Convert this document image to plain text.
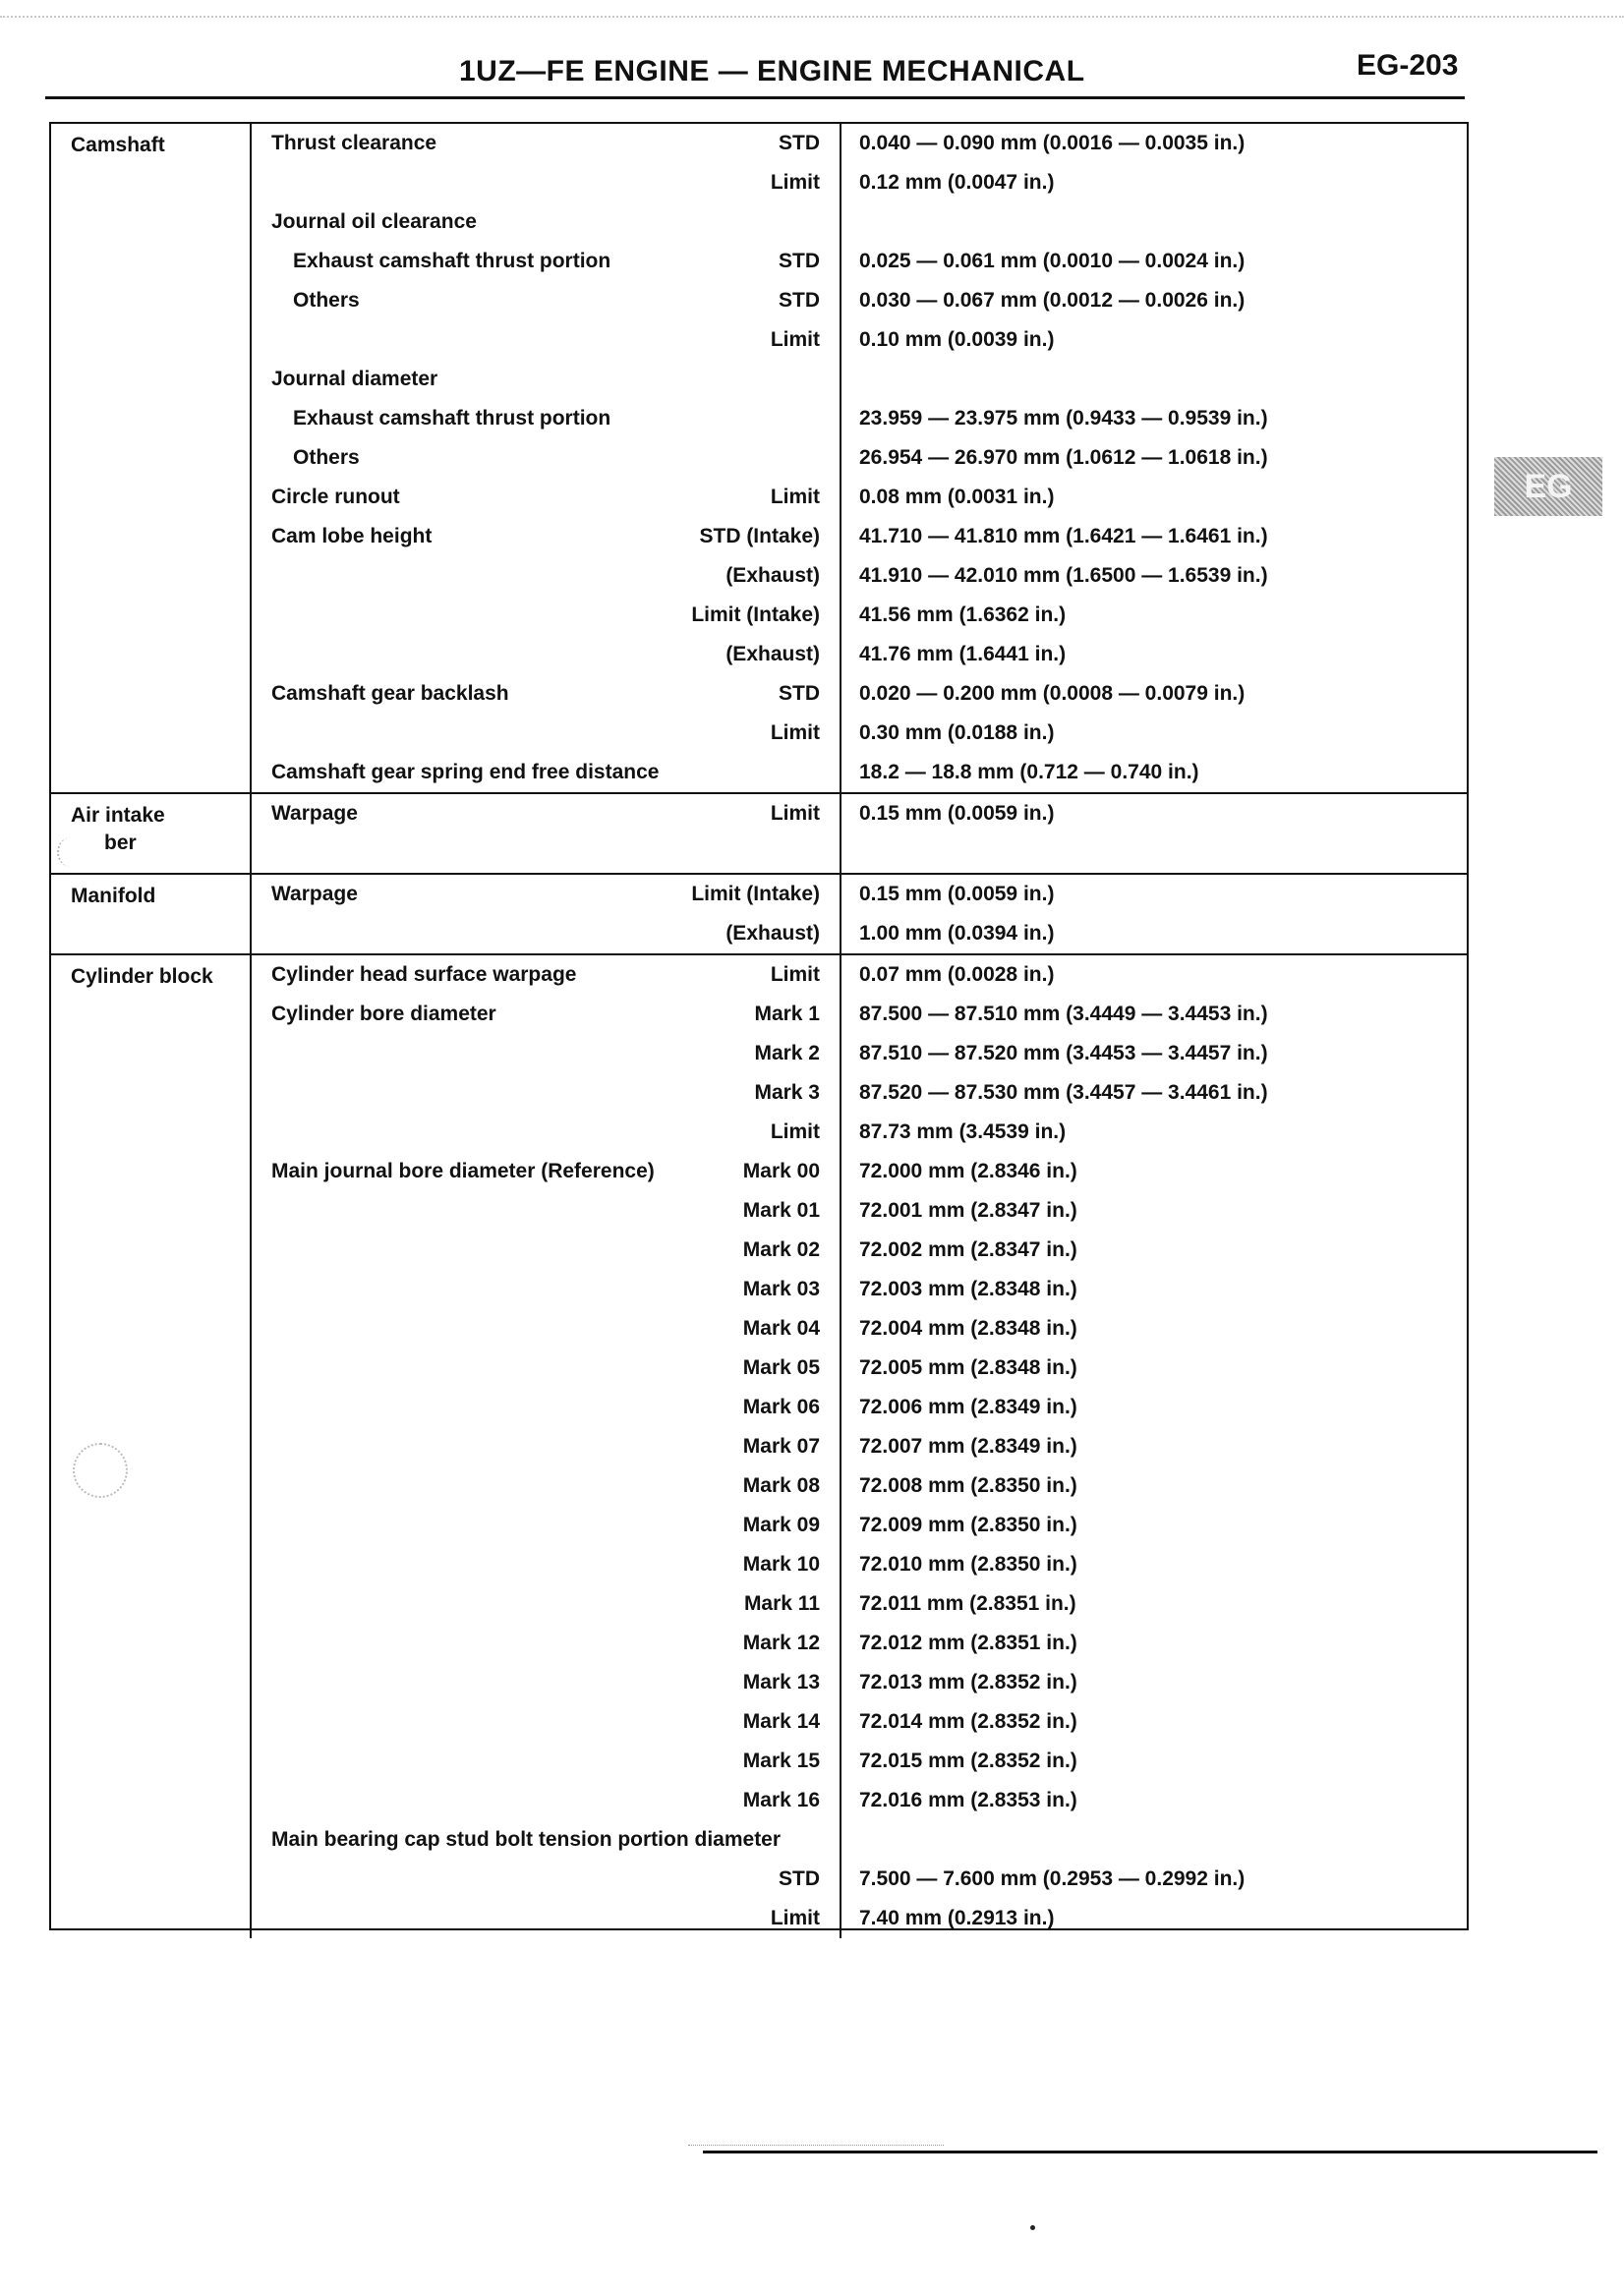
1UZ—FE ENGINE — ENGINE MECHANICAL	EG-203
EG
Camshaft	Thrust clearance	STD 0.040 — 0.090 mm (0.0016 — 0.0035 in.)
Limit 0.12 mm (0.0047 in.)
Journal oil clearance
Exhaust camshaft thrust portion	STD 0.025 — 0.061 mm (0.0010 — 0.0024 in.)
Others	STD 0.030 — 0.067 mm (0.0012 — 0.0026 in.)
Limit 0.10 mm (0.0039 in.)
Journal diameter
Exhaust camshaft thrust portion	23.959 — 23.975 mm (0.9433 — 0.9539 in.)
Others	26.954 — 26.970 mm (1.0612 — 1.0618 in.)
Circle runout	Limit 0.08 mm (0.0031 in.)
Cam lobe height	STD (Intake) 41.710 — 41.810 mm (1.6421 — 1.6461 in.)
(Exhaust) 41.910 — 42.010 mm (1.6500 — 1.6539 in.)
Limit (Intake) 41.56 mm (1.6362 in.)
(Exhaust) 41.76 mm (1.6441 in.)
Camshaft gear backlash	STD 0.020 — 0.200 mm (0.0008 — 0.0079 in.)
Limit 0.30 mm (0.0188 in.)
Camshaft gear spring end free distance	18.2 — 18.8 mm (0.712 — 0.740 in.)
Air intake
ber
Warpage	Limit 0.15 mm (0.0059 in.)
Manifold	Warpage	Limit (Intake) 0.15 mm (0.0059 in.)
(Exhaust) 1.00 mm (0.0394 in.)
Cylinder block	Cylinder head surface warpage	Limit 0.07 mm (0.0028 in.)
Cylinder bore diameter	Mark 1 87.500 — 87.510 mm (3.4449 — 3.4453 in.)
Mark 2 87.510 — 87.520 mm (3.4453 — 3.4457 in.)
Mark 3 87.520 — 87.530 mm (3.4457 — 3.4461 in.)
Limit 87.73 mm (3.4539 in.)
Main journal bore diameter (Reference)	Mark 00 72.000 mm (2.8346 in.)
Mark 01 72.001 mm (2.8347 in.)
Mark 02 72.002 mm (2.8347 in.)
Mark 03 72.003 mm (2.8348 in.)
Mark 04 72.004 mm (2.8348 in.)
Mark 05 72.005 mm (2.8348 in.)
Mark 06 72.006 mm (2.8349 in.)
Mark 07 72.007 mm (2.8349 in.)
Mark 08 72.008 mm (2.8350 in.)
Mark 09 72.009 mm (2.8350 in.)
Mark 10 72.010 mm (2.8350 in.)
Mark 11 72.011 mm (2.8351 in.)
Mark 12 72.012 mm (2.8351 in.)
Mark 13 72.013 mm (2.8352 in.)
Mark 14 72.014 mm (2.8352 in.)
Mark 15 72.015 mm (2.8352 in.)
Mark 16 72.016 mm (2.8353 in.)
Main bearing cap stud bolt tension portion diameter
STD 7.500 — 7.600 mm (0.2953 — 0.2992 in.)
Limit 7.40 mm (0.2913 in.)
